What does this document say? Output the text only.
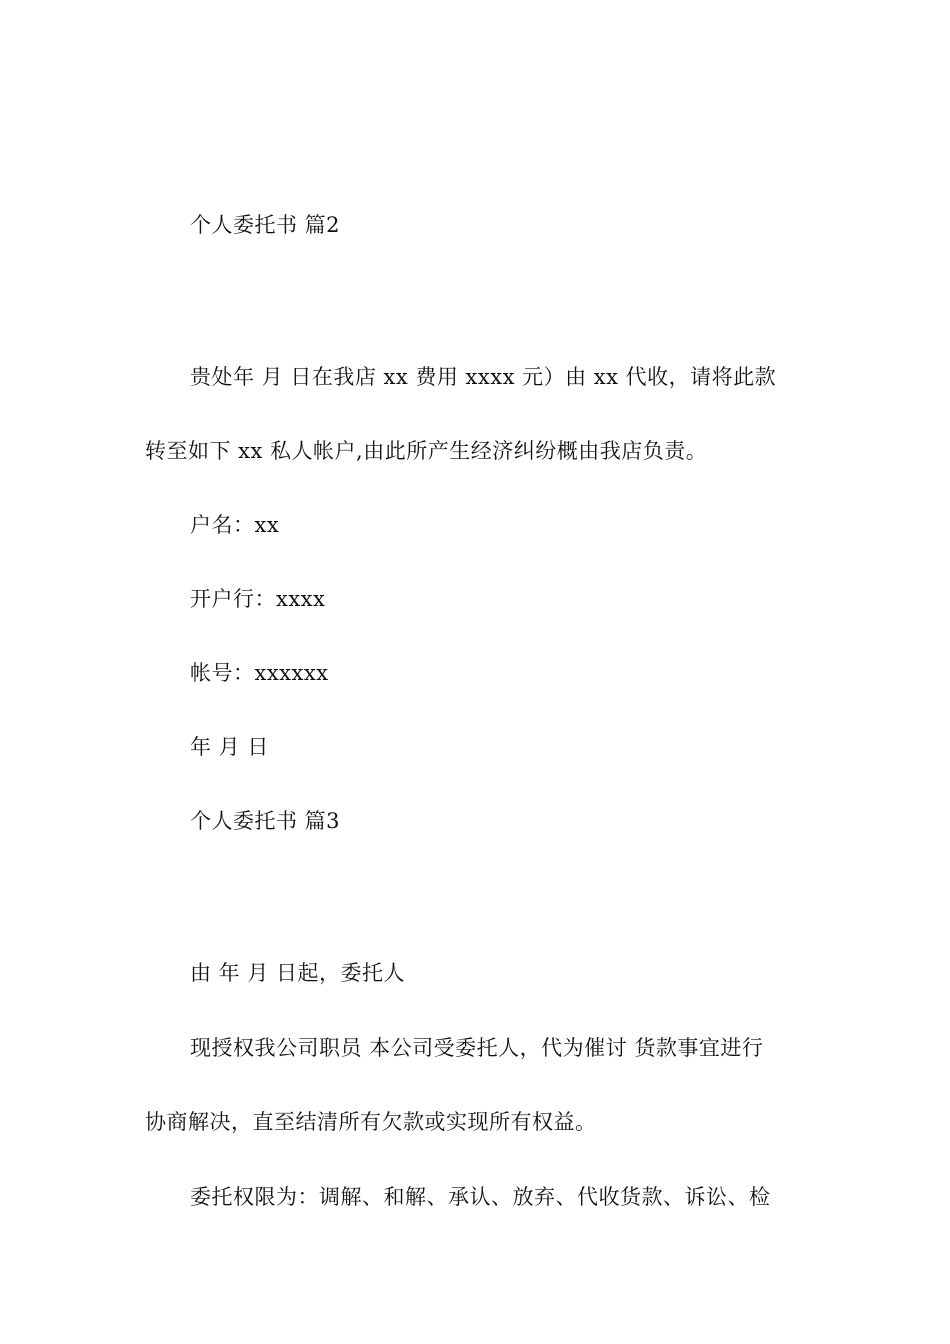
个人委托书 篇2
贵处年 月 日在我店 xx 费用 xxxx 元）由 xx 代收，请将此款
转至如下 xx 私人帐户,由此所产生经济纠纷概由我店负责。
户名：xx
开户行：xxxx
帐号：xxxxxx
年 月 日
个人委托书 篇3
由 年 月 日起，委托人
现授权我公司职员 本公司受委托人，代为催讨 货款事宜进行
协商解决，直至结清所有欠款或实现所有权益。
委托权限为：调解、和解、承认、放弃、代收货款、诉讼、检
